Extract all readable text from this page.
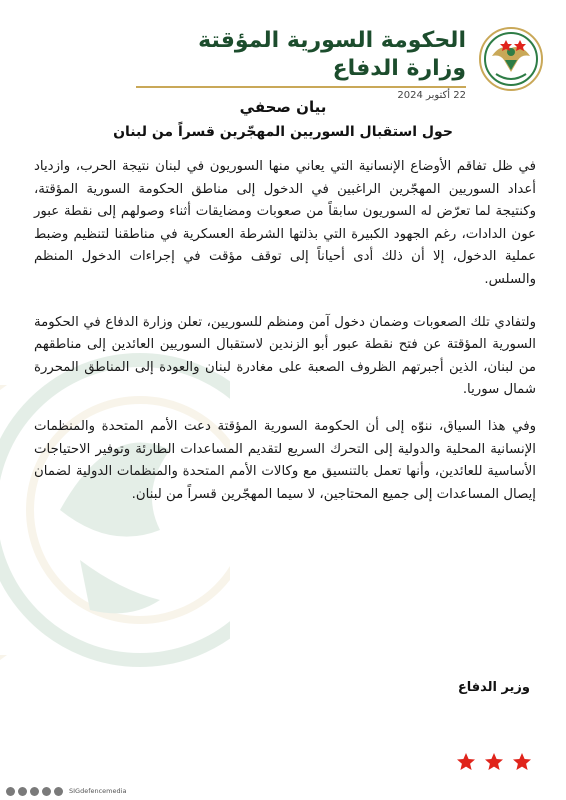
الحكومة السورية المؤقتة
وزارة الدفاع
22 أكتوبر 2024
بيان صحفي
حول استقبال السوريين المهجّرين قسراً من لبنان

في ظل تفاقم الأوضاع الإنسانية التي يعاني منها السوريون في لبنان نتيجة الحرب، وازدياد أعداد السوريين المهجّرين الراغبين في الدخول إلى مناطق الحكومة السورية المؤقتة، وكنتيجة لما تعرّض له السوريون سابقاً من صعوبات ومضايقات أثناء وصولهم إلى نقطة عبور عون الدادات، رغم الجهود الكبيرة التي بذلتها الشرطة العسكرية في مناطقنا لتنظيم وضبط عملية الدخول، إلا أن ذلك أدى أحياناً إلى توقف مؤقت في إجراءات الدخول المنظم والسلس.

ولتفادي تلك الصعوبات وضمان دخول آمن ومنظم للسوريين، تعلن وزارة الدفاع في الحكومة السورية المؤقتة عن فتح نقطة عبور أبو الزندين لاستقبال السوريين العائدين إلى مناطقهم من لبنان، الذين أجبرتهم الظروف الصعبة على مغادرة لبنان والعودة إلى المناطق المحررة شمال سوريا.

وفي هذا السياق، ننوّه إلى أن الحكومة السورية المؤقتة دعت الأمم المتحدة والمنظمات الإنسانية المحلية والدولية إلى التحرك السريع لتقديم المساعدات الطارئة وتوفير الاحتياجات الأساسية للعائدين، وأنها تعمل بالتنسيق مع وكالات الأمم المتحدة والمنظمات الدولية لضمان إيصال المساعدات إلى جميع المحتاجين، لا سيما المهجّرين قسراً من لبنان.

وزير الدفاع
SIGdefencemedia
